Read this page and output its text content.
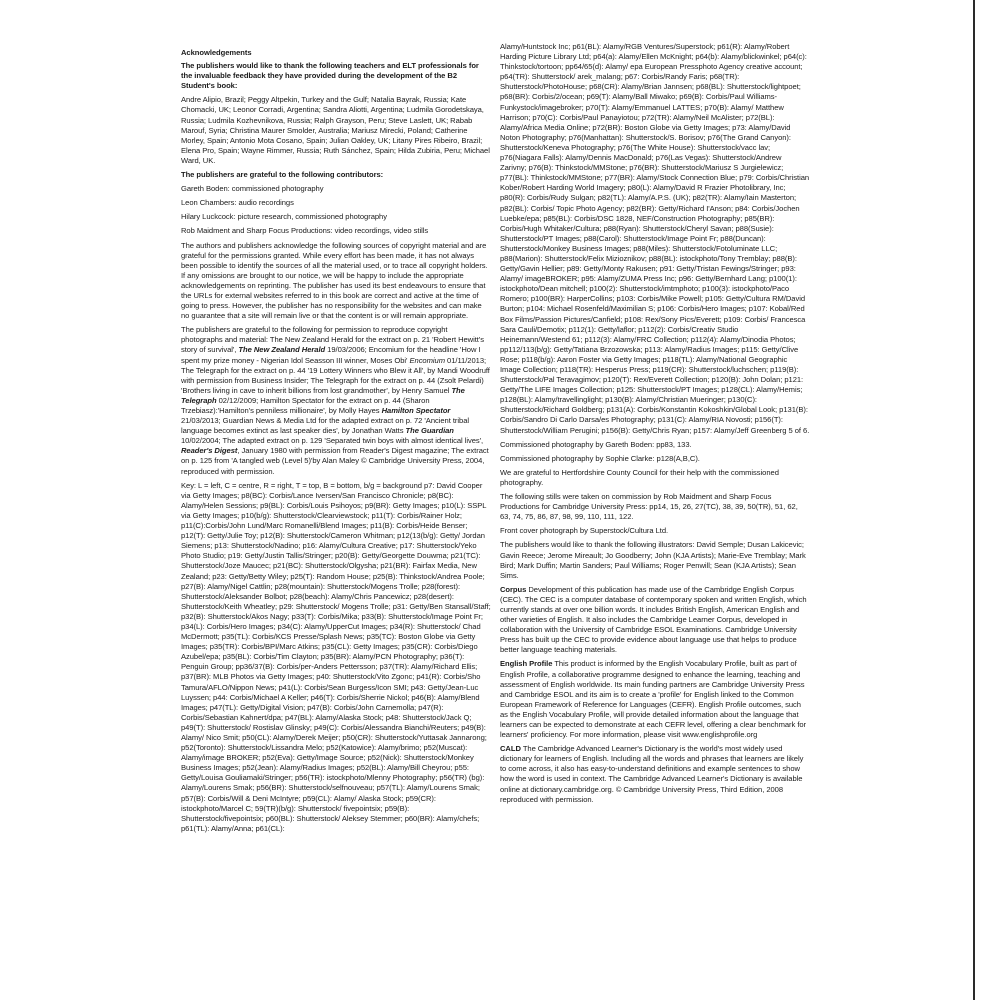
Acknowledgements

The publishers would like to thank the following teachers and ELT professionals for the invaluable feedback they have provided during the development of the B2 Student's book:

Andre Alipio, Brazil; Peggy Altpekin, Turkey and the Gulf; Natalia Bayrak, Russia; Kate Chomacki, UK; Leonor Corradi, Argentina; Sandra Aliotti, Argentina; Ludmila Gorodetskaya, Russia; Ludmila Kozhevnikova, Russia; Ralph Grayson, Peru; Steve Laslett, UK; Rabab Marouf, Syria; Christina Maurer Smolder, Australia; Mariusz Mirecki, Poland; Catherine Morley, Spain; Antonio Mota Cosano, Spain; Julian Oakley, UK; Litany Pires Ribeiro, Brazil; Elena Pro, Spain; Wayne Rimmer, Russia; Ruth Sánchez, Spain; Hilda Zubiria, Peru; Michael Ward, UK.

The publishers are grateful to the following contributors:

Gareth Boden: commissioned photography

Leon Chambers: audio recordings

Hilary Luckcock: picture research, commissioned photography

Rob Maidment and Sharp Focus Productions: video recordings, video stills

The authors and publishers acknowledge the following sources of copyright material and are grateful for the permissions granted. While every effort has been made, it has not always been possible to identify the sources of all the material used, or to trace all copyright holders. If any omissions are brought to our notice, we will be happy to include the appropriate acknowledgements on reprinting. The publisher has used its best endeavours to ensure that the URLs for external websites referred to in this book are correct and active at the time of going to press. However, the publisher has no responsibility for the websites and can make no guarantee that a site will remain live or that the content is or will remain appropriate.

The publishers are grateful to the following for permission to reproduce copyright photographs and material: The New Zealand Herald for the extract on p. 21 'Robert Hewitt's story of survival', The New Zealand Herald 19/03/2006; Encomium for the headline 'How I spent my prize money - Nigerian Idol Seasson III winner, Moses Obi' Encomium 01/11/2013; The Telegraph for the extract on p. 44 '19 Lottery Winners who Blew it All', by Mandi Woodruff with permission from Business Insider; The Telegraph for the extract on p. 44 (Zsolt Pelardi) 'Brothers living in cave to inherit billions from lost grandmother', by Henry Samuel The Telegraph 02/12/2009; Hamilton Spectator for the extract on p. 44 (Sharon Trzebiasz):'Hamilton's penniless millionaire', by Molly Hayes Hamilton Spectator 21/03/2013; Guardian News & Media Ltd for the adapted extract on p. 72 'Ancient tribal language becomes extinct as last speaker dies', by Jonathan Watts The Guardian 10/02/2004; The adapted extract on p. 129 'Separated twin boys with almost identical lives', Reader's Digest, January 1980 with permission from Reader's Digest magazine; The extract on p. 125 from 'A tangled web (Level 5)'by Alan Maley © Cambridge University Press, 2004, reproduced with permission.

Key: L = left, C = centre, R = right, T = top, B = bottom, b/g = background p7: David Cooper via Getty Images; p8(BC): Corbis/Lance Iversen/San Francisco Chronicle; p8(BC): Alamy/Helen Sessions; p9(BL): Corbis/Louis Psihoyos; p9(BR): Getty Images; p10(L): SSPL via Getty Images; p10(b/g): Shutterstock/Clearviewstock; p11(T): Corbis/Rainer Holz; p11(C):Corbis/John Lund/Marc Romanelli/Blend Images; p11(B): Corbis/Heide Benser; p12(T): Getty/Julie Toy; p12(B): Shutterstock/Cameron Whitman; p12(13(b/g): Getty/ Jordan Siemens; p13: Shutterstock/Nadino; p16: Alamy/Cultura Creative; p17: Shutterstock/Yeko Photo Studio; p19: Getty/Justin Tallis/Stringer; p20(B): Getty/Georgette Douwma; p21(TC): Shutterstock/Joze Maucec; p21(BC): Shutterstock/Olgysha; p21(BR): Fairfax Media, New Zealand; p23: Getty/Betty Wiley; p25(T): Random House; p25(B): Thinkstock/Andrea Poole; p27(B): Alamy/Nigel Cattlin; p28(mountain): Shutterstock/Mogens Trolle; p28(forest): Shutterstock/Aleksander Bolbot; p28(beach): Alamy/Chris Pancewicz; p28(desert): Shutterstock/Keith Wheatley; p29: Shutterstock/ Mogens Trolle; p31: Getty/Ben Stansall/Staff; p32(B): Shutterstock/Akos Nagy; p33(T): Corbis/Mika; p33(B): Shutterstock/Image Point Fr; p34(L): Corbis/Hero Images; p34(C): Alamy/UpperCut Images; p34(R): Shutterstock/ Chad McDermott; p35(TL): Corbis/KCS Presse/Splash News; p35(TC): Boston Globe via Getty Images; p35(TR): Corbis/BPI/Marc Atkins; p35(CL): Getty Images; p35(CR): Corbis/Diego Azubel/epa; p35(BL): Corbis/Tim Clayton; p35(BR): Alamy/PCN Photography; p36(T): Penguin Group; pp36/37(B): Corbis/per-Anders Pettersson; p37(TR): Alamy/Richard Ellis; p37(BR): MLB Photos via Getty Images; p40: Shutterstock/Vito Zgonc; p41(R): Corbis/Sho Tamura/AFLO/Nippon News; p41(L): Corbis/Sean Burgess/Icon SMI; p43: Getty/Jean-Luc Luyssen; p44: Corbis/Michael A Keller; p46(T): Corbis/Sherrie Nickol; p46(B): Alamy/Blend Images; p47(TL): Getty/Digital Vision; p47(B): Corbis/John Carnemolla; p47(R): Corbis/Sebastian Kahnert/dpa; p47(BL): Alamy/Alaska Stock; p48: Shutterstock/Jack Q; p49(T): Shutterstock/ Rostislav Glinsky; p49(C): Corbis/Alessandra Bianchi/Reuters; p49(B): Alamy/ Nico Smit; p50(CL): Alamy/Derek Meijer; p50(CR): Shutterstock/Yuttasak Jannarong; p52(Toronto): Shutterstock/Lissandra Melo; p52(Katowice): Alamy/brimo; p52(Muscat): Alamy/image BROKER; p52(Eva): Getty/Image Source; p52(Nick): Shutterstock/Monkey Business Images; p52(Jean): Alamy/Radius Images; p52(BL): Alamy/Bill Cheyrou; p55: Getty/Louisa Gouliamaki/Stringer; p56(TR): istockphoto/Mlenny Photography; p56(TR) (bg): Alamy/Lourens Smak; p56(BR): Shutterstock/selfnouveau; p57(TL): Alamy/Lourens Smak; p57(B): Corbis/Will & Deni McIntyre; p59(CL): Alamy/ Alaska Stock; p59(CR): istockphoto/Marcel C; 59(TR)(b/g): Shutterstock/ fivepointsix; p59(B): Shutterstock/fivepointsix; p60(BL): Shutterstock/ Aleksey Stemmer; p60(BR): Alamy/chefs; p61(TL): Alamy/Anna; p61(CL):

Alamy/Huntstock Inc; p61(BL): Alamy/RGB Ventures/Superstock; p61(R): Alamy/Robert Harding Picture Library Ltd; p64(a): Alamy/Ellen McKnight; p64(b): Alamy/blickwinkel; p64(c): Thinkstock/tortoon; pp64/65(d): Alamy/ epa European Pressphoto Agency creative account; p64(TR): Shutterstock/ arek_malang; p67: Corbis/Randy Faris; p68(TR): Shutterstock/PhotoHouse; p68(CR): Alamy/Brian Jannsen; p68(BL): Shutterstock/lightpoet; p68(BR): Corbis/2/ocean; p69(T): Alamy/Ball Miwako; p69(B): Corbis/Paul Williams- Funkystock/imagebroker; p70(T): Alamy/Emmanuel LATTES; p70(B): Alamy/ Matthew Harrison; p70(C): Corbis/Paul Panayiotou; p72(TR): Alamy/Neil McAlister; p72(BL): Alamy/Africa Media Online; p72(BR): Boston Globe via Getty Images; p73: Alamy/David Noton Photography; p76(Manhattan): Shutterstock/S. Borisov; p76(The Grand Canyon): Shutterstock/Keneva Photography; p76(The White House): Shutterstock/vacc lav; p76(Niagara Falls): Alamy/Dennis MacDonald; p76(Las Vegas): Shutterstock/Andrew Zarivny; p76(B): Thinkstock/MMStone; p76(BR): Shutterstock/Mariusz S Jurgielewicz; p77(BL): Thinkstock/MMStone; p77(BR): Alamy/Stock Connection Blue; p79: Corbis/Christian Kober/Robert Harding World Imagery; p80(L): Alamy/David R Frazier Photolibrary, Inc; p80(R): Corbis/Rudy Sulgan; p82(TL): Alamy/A.P.S. (UK); p82(TR): Alamy/Iain Masterton; p82(BL): Corbis/ Topic Photo Agency; p82(BR): Getty/Richard I'Anson; p84: Corbis/Jochen Luebke/epa; p85(BL): Corbis/DSC 1828, NEF/Construction Photography; p85(BR): Corbis/Hugh Whitaker/Cultura; p88(Ryan): Shutterstock/Cheryl Savan; p88(Susie): Shutterstock/PT Images; p88(Carol): Shutterstock/Image Point Fr; p88(Duncan): Shutterstock/Monkey Business Images; p88(Miles): Shutterstock/Fotoluminate LLC; p88(Marion): Shutterstock/Felix Mizioznikov; p88(BL): istockphoto/Tony Tremblay; p88(B): Getty/Gavin Hellier; p89: Getty/Monty Rakusen; p91: Getty/Tristan Fewings/Stringer; p93: Alamy/ imageBROKER; p95: Alamy/ZUMA Press Inc; p96: Getty/Bernhard Lang; p100(1): istockphoto/Dean mitchell; p100(2): Shutterstock/imtmphoto; p100(3): istockphoto/Paco Romero; p100(BR): HarperCollins; p103: Corbis/Mike Powell; p105: Getty/Cultura RM/David Burton; p104: Michael Rosenfeld/Maximilian S; p106: Corbis/Hero Images; p107: Kobal/Red Box Films/Passion Pictures/Canfield; p108: Rex/Sony Pics/Everett; p109: Corbis/ Francesca Sara Cauli/Demotix; p112(1): Getty/laflor; p112(2): Corbis/Creativ Studio Heinemann/Westend 61; p112(3): Alamy/FRC Collection; p112(4): Alamy/Dinodia Photos; pp112/113(b/g): Getty/Tatiana Brzozowska; p113: Alamy/Radius Images; p115: Getty/Clive Rose; p118(b/g): Aaron Foster via Getty Images; p118(TL): Alamy/National Geographic Image Collection; p118(TR): Hesperus Press; p119(CR): Shutterstock/luchschen; p119(B): Shutterstock/Pal Teravagimov; p120(T): Rex/Everett Collection; p120(B): John Dolan; p121: Getty/The LIFE Images Collection; p125: Shutterstock/PT Images; p128(CL): Alamy/Hemis; p128(BL): Alamy/travellinglight; p130(B): Alamy/Christian Mueringer; p130(C): Shutterstock/Richard Goldberg; p131(A): Corbis/Konstantin Kokoshkin/Global Look; p131(B): Corbis/Sandro Di Carlo Darsa/es Photography; p131(C): Alamy/RIA Novosti; p156(T): Shutterstock/William Perugini; p156(B): Getty/Chris Ryan; p157: Alamy/Jeff Greenberg 5 of 6.

Commissioned photography by Gareth Boden: pp83, 133.

Commissioned photography by Sophie Clarke: p128(A,B,C).

We are grateful to Hertfordshire County Council for their help with the commissioned photography.

The following stills were taken on commission by Rob Maidment and Sharp Focus Productions for Cambridge University Press: pp14, 15, 26, 27(TC), 38, 39, 50(TR), 51, 62, 63, 74, 75, 86, 87, 98, 99, 110, 111, 122.

Front cover photograph by Superstock/Cultura Ltd.

The publishers would like to thank the following illustrators: David Semple; Dusan Lakicevic; Gavin Reece; Jerome Mireault; Jo Goodberry; John (KJA Artists); Marie-Eve Tremblay; Mark Bird; Mark Duffin; Martin Sanders; Paul Williams; Roger Penwill; Sean (KJA Artists); Sean Sims.

Corpus Development of this publication has made use of the Cambridge English Corpus (CEC). The CEC is a computer database of contemporary spoken and written English, which currently stands at over one billion words. It includes British English, American English and other varieties of English. It also includes the Cambridge Learner Corpus, developed in collaboration with the University of Cambridge ESOL Examinations. Cambridge University Press has built up the CEC to provide evidence about language use that helps to produce better language teaching materials.

English Profile This product is informed by the English Vocabulary Profile, built as part of English Profile, a collaborative programme designed to enhance the learning, teaching and assessment of English worldwide. Its main funding partners are Cambridge University Press and Cambridge ESOL and its aim is to create a 'profile' for English linked to the Common European Framework of Reference for Languages (CEFR). English Profile outcomes, such as the English Vocabulary Profile, will provide detailed information about the language that learners can be expected to demonstrate at each CEFR level, offering a clear benchmark for learners' proficiency. For more information, please visit www.englishprofile.org

CALD The Cambridge Advanced Learner's Dictionary is the world's most widely used dictionary for learners of English. Including all the words and phrases that learners are likely to come across, it also has easy-to-understand definitions and example sentences to show how the word is used in context. The Cambridge Advanced Learner's Dictionary is available online at dictionary.cambridge.org. © Cambridge University Press, Third Edition, 2008 reproduced with permission.
